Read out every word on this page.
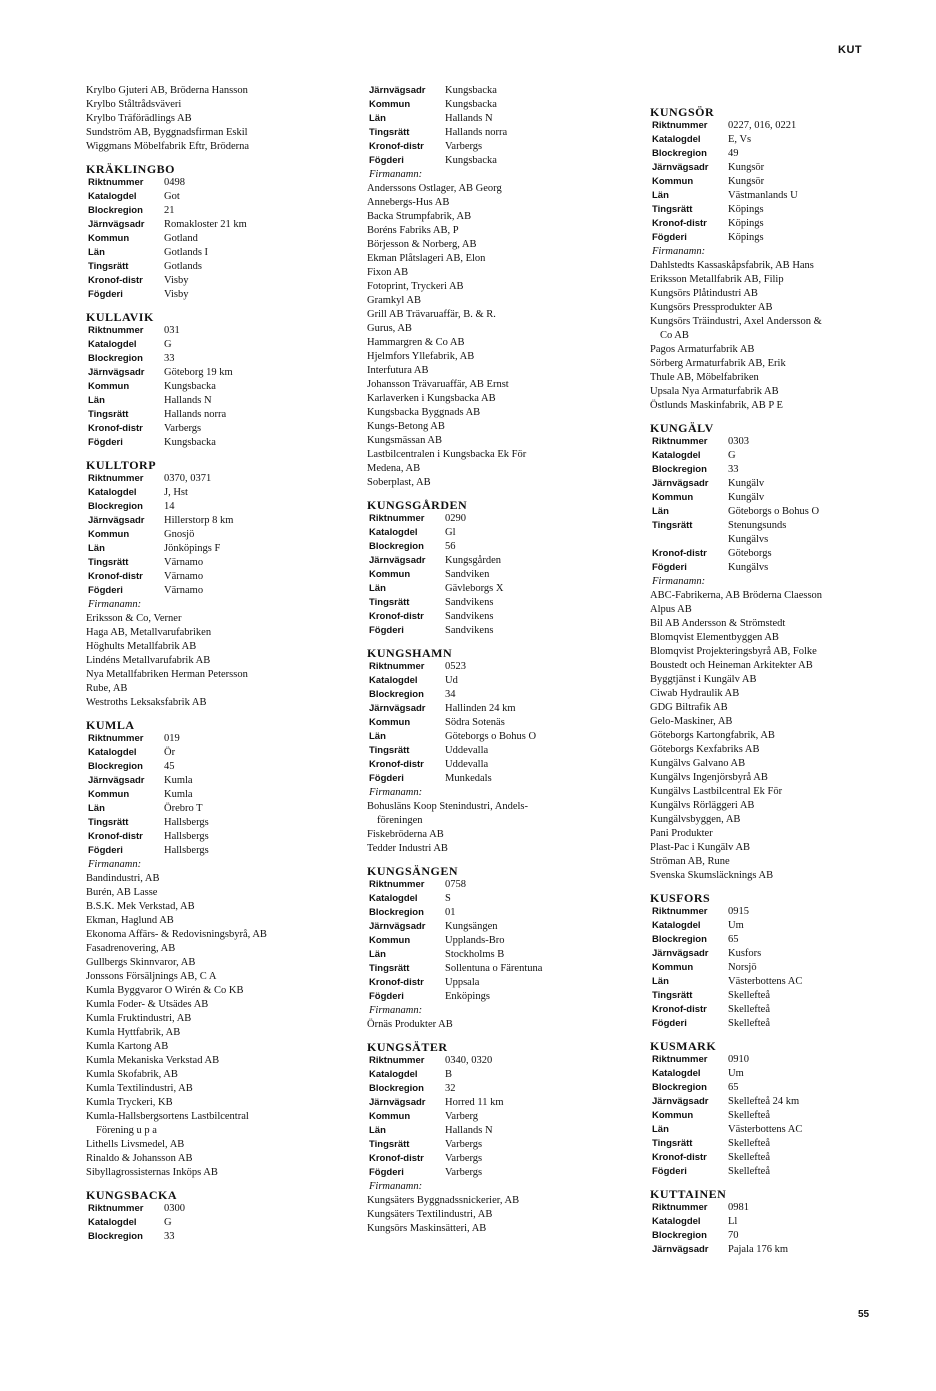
KUT
Krylbo Gjuteri AB, Bröderna Hansson
Krylbo Ståltrådsväveri
Krylbo Träförädlings AB
Sundström AB, Byggnadsfirman Eskil
Wiggmans Möbelfabrik Eftr, Bröderna
KRÄKLINGBO
Riktnummer	0498
Katalogdel	Got
Blockregion	21
Järnvägsadr	Romakloster 21 km
Kommun	Gotland
Län	Gotlands I
Tingsrätt	Gotlands
Kronof-distr	Visby
Fögderi	Visby
KULLAVIK
Riktnummer	031
Katalogdel	G
Blockregion	33
Järnvägsadr	Göteborg 19 km
Kommun	Kungsbacka
Län	Hallands N
Tingsrätt	Hallands norra
Kronof-distr	Varbergs
Fögderi	Kungsbacka
KULLTORP
Riktnummer	0370, 0371
Katalogdel	J, Hst
Blockregion	14
Järnvägsadr	Hillerstorp 8 km
Kommun	Gnosjö
Län	Jönköpings F
Tingsrätt	Värnamo
Kronof-distr	Värnamo
Fögderi	Värnamo
Firmanamn:
Eriksson & Co, Verner
Haga AB, Metallvarufabriken
Höghults Metallfabrik AB
Lindéns Metallvarufabrik AB
Nya Metallfabriken Herman Petersson
Rube, AB
Westroths Leksaksfabrik AB
KUMLA
Riktnummer	019
Katalogdel	Ör
Blockregion	45
Järnvägsadr	Kumla
Kommun	Kumla
Län	Örebro T
Tingsrätt	Hallsbergs
Kronof-distr	Hallsbergs
Fögderi	Hallsbergs
Firmanamn:
Bandindustri, AB
Burén, AB Lasse
B.S.K. Mek Verkstad, AB
Ekman, Haglund AB
Ekonoma Affärs- & Redovisningsbyrå, AB
Fasadrenovering, AB
Gullbergs Skinnvaror, AB
Jonssons Försäljnings AB, C A
Kumla Byggvaror O Wirén & Co KB
Kumla Foder- & Utsädes AB
Kumla Fruktindustri, AB
Kumla Hyttfabrik, AB
Kumla Kartong AB
Kumla Mekaniska Verkstad AB
Kumla Skofabrik, AB
Kumla Textilindustri, AB
Kumla Tryckeri, KB
Kumla-Hallsbergsortens Lastbilcentral
Förening u p a
Lithells Livsmedel, AB
Rinaldo & Johansson AB
Sibyllagrossisternas Inköps AB
KUNGSBACKA
Riktnummer	0300
Katalogdel	G
Blockregion	33
Järnvägsadr	Kungsbacka
Kommun	Kungsbacka
Län	Hallands N
Tingsrätt	Hallands norra
Kronof-distr	Varbergs
Fögderi	Kungsbacka
Firmanamn:
Anderssons Ostlager, AB Georg
Annebergs-Hus AB
Backa Strumpfabrik, AB
Boréns Fabriks AB, P
Börjesson & Norberg, AB
Ekman Plåtslageri AB, Elon
Fixon AB
Fotoprint, Tryckeri AB
Gramkyl AB
Grill AB Trävaruaffär, B. & R.
Gurus, AB
Hammargren & Co AB
Hjelmfors Yllefabrik, AB
Interfutura AB
Johansson Trävaruaffär, AB Ernst
Karlaverken i Kungsbacka AB
Kungsbacka Byggnads AB
Kungs-Betong AB
Kungsmässan AB
Lastbilcentralen i Kungsbacka Ek För
Medena, AB
Soberplast, AB
KUNGSGÅRDEN
Riktnummer	0290
Katalogdel	Gl
Blockregion	56
Järnvägsadr	Kungsgården
Kommun	Sandviken
Län	Gävleborgs X
Tingsrätt	Sandvikens
Kronof-distr	Sandvikens
Fögderi	Sandvikens
KUNGSHAMN
Riktnummer	0523
Katalogdel	Ud
Blockregion	34
Järnvägsadr	Hallinden 24 km
Kommun	Södra Sotenäs
Län	Göteborgs o Bohus O
Tingsrätt	Uddevalla
Kronof-distr	Uddevalla
Fögderi	Munkedals
Firmanamn:
Bohusläns Koop Stenindustri, Andels-
föreningen
Fiskebröderna AB
Tedder Industri AB
KUNGSÄNGEN
Riktnummer	0758
Katalogdel	S
Blockregion	01
Järnvägsadr	Kungsängen
Kommun	Upplands-Bro
Län	Stockholms B
Tingsrätt	Sollentuna o Färentuna
Kronof-distr	Uppsala
Fögderi	Enköpings
Firmanamn:
Örnäs Produkter AB
KUNGSÄTER
Riktnummer	0340, 0320
Katalogdel	B
Blockregion	32
Järnvägsadr	Horred 11 km
Kommun	Varberg
Län	Hallands N
Tingsrätt	Varbergs
Kronof-distr	Varbergs
Fögderi	Varbergs
Firmanamn:
Kungsäters Byggnadssnickerier, AB
Kungsäters Textilindustri, AB
Kungsörs Maskinsätteri, AB
KUNGSÖR
Riktnummer	0227, 016, 0221
Katalogdel	E, Vs
Blockregion	49
Järnvägsadr	Kungsör
Kommun	Kungsör
Län	Västmanlands U
Tingsrätt	Köpings
Kronof-distr	Köpings
Fögderi	Köpings
Firmanamn:
Dahlstedts Kassaskåpsfabrik, AB Hans
Eriksson Metallfabrik AB, Filip
Kungsörs Plåtindustri AB
Kungsörs Pressprodukter AB
Kungsörs Träindustri, Axel Andersson &
Co AB
Pagos Armaturfabrik AB
Sörberg Armaturfabrik AB, Erik
Thule AB, Möbelfabriken
Upsala Nya Armaturfabrik AB
Östlunds Maskinfabrik, AB P E
KUNGÄLV
Riktnummer	0303
Katalogdel	G
Blockregion	33
Järnvägsadr	Kungälv
Kommun	Kungälv
Län	Göteborgs o Bohus O
Tingsrätt	Stenungsunds
Kungälvs
Kronof-distr	Göteborgs
Fögderi	Kungälvs
Firmanamn:
ABC-Fabrikerna, AB Bröderna Claesson
Alpus AB
Bil AB Andersson & Strömstedt
Blomqvist Elementbyggen AB
Blomqvist Projekteringsbyrå AB, Folke
Boustedt och Heineman Arkitekter AB
Byggtjänst i Kungälv AB
Ciwab Hydraulik AB
GDG Biltrafik AB
Gelo-Maskiner, AB
Göteborgs Kartongfabrik, AB
Göteborgs Kexfabriks AB
Kungälvs Galvano AB
Kungälvs Ingenjörsbyrå AB
Kungälvs Lastbilcentral Ek För
Kungälvs Rörläggeri AB
Kungälvsbyggen, AB
Pani Produkter
Plast-Pac i Kungälv AB
Ströman AB, Rune
Svenska Skumsläcknings AB
KUSFORS
Riktnummer	0915
Katalogdel	Um
Blockregion	65
Järnvägsadr	Kusfors
Kommun	Norsjö
Län	Västerbottens AC
Tingsrätt	Skellefteå
Kronof-distr	Skellefteå
Fögderi	Skellefteå
KUSMARK
Riktnummer	0910
Katalogdel	Um
Blockregion	65
Järnvägsadr	Skellefteå 24 km
Kommun	Skellefteå
Län	Västerbottens AC
Tingsrätt	Skellefteå
Kronof-distr	Skellefteå
Fögderi	Skellefteå
KUTTAINEN
Riktnummer	0981
Katalogdel	Ll
Blockregion	70
Järnvägsadr	Pajala 176 km
55
